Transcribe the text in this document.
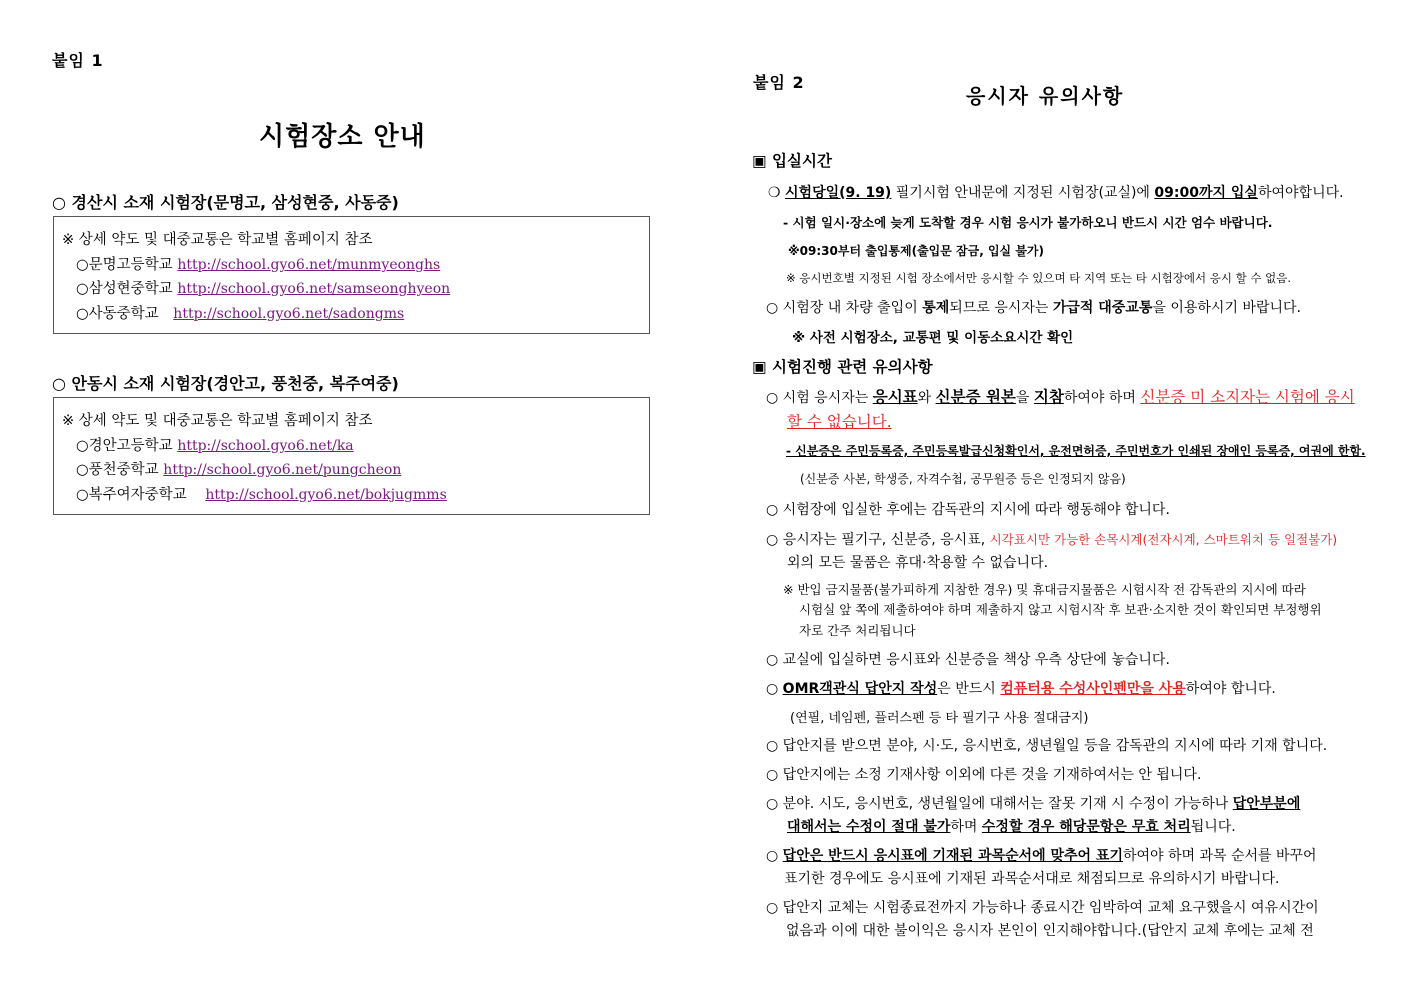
붙임 1
시험장소 안내
○ 경산시 소재 시험장(문명고, 삼성현중, 사동중)
※ 상세 약도 및 대중교통은 학교별 홈페이지 참조
○문명고등학교 http://school.gyo6.net/munmyeonghs
○삼성현중학교 http://school.gyo6.net/samseonghyeon
○사동중학교 http://school.gyo6.net/sadongms
○ 안동시 소재 시험장(경안고, 풍천중, 복주여중)
※ 상세 약도 및 대중교통은 학교별 홈페이지 참조
○경안고등학교 http://school.gyo6.net/ka
○풍천중학교 http://school.gyo6.net/pungcheon
○복주여자중학교 http://school.gyo6.net/bokjugmms
붙임 2
응시자 유의사항
▣ 입실시간
❍ 시험당일(9. 19) 필기시험 안내문에 지정된 시험장(교실)에 09:00까지 입실하여야합니다.
- 시험 일시·장소에 늦게 도착할 경우 시험 응시가 불가하오니 반드시 시간 엄수 바랍니다.
※09:30부터 출입통제(출입문 잠금, 입실 불가)
※ 응시번호별 지정된 시험 장소에서만 응시할 수 있으며 타 지역 또는 타 시험장에서 응시 할 수 없음.
○ 시험장 내 차량 출입이 통제되므로 응시자는 가급적 대중교통을 이용하시기 바랍니다.
※ 사전 시험장소, 교통편 및 이동소요시간 확인
▣ 시험진행 관련 유의사항
○ 시험 응시자는 응시표와 신분증 원본을 지참하여야 하며 신분증 미 소지자는 시험에 응시
할 수 없습니다.
- 신분증은 주민등록증, 주민등록발급신청확인서, 운전면허증, 주민번호가 인쇄된 장애인 등록증, 여권에 한함.
(신분증 사본, 학생증, 자격수첩, 공무원증 등은 인정되지 않음)
○ 시험장에 입실한 후에는 감독관의 지시에 따라 행동해야 합니다.
○ 응시자는 필기구, 신분증, 응시표, 시각표시만 가능한 손목시계(전자시계, 스마트워치 등 일절불가)
외의 모든 물품은 휴대·착용할 수 없습니다.
※ 반입 금지물품(불가피하게 지참한 경우) 및 휴대금지물품은 시험시작 전 감독관의 지시에 따라
시험실 앞 쪽에 제출하여야 하며 제출하지 않고 시험시작 후 보관·소지한 것이 확인되면 부정행위
자로 간주 처리됩니다
○ 교실에 입실하면 응시표와 신분증을 책상 우측 상단에 놓습니다.
○ OMR객관식 답안지 작성은 반드시 컴퓨터용 수성사인펜만을 사용하여야 합니다.
(연필, 네임펜, 플러스펜 등 타 필기구 사용 절대금지)
○ 답안지를 받으면 분야, 시·도, 응시번호, 생년월일 등을 감독관의 지시에 따라 기재 합니다.
○ 답안지에는 소정 기재사항 이외에 다른 것을 기재하여서는 안 됩니다.
○ 분야. 시도, 응시번호, 생년월일에 대해서는 잘못 기재 시 수정이 가능하나 답안부분에
대해서는 수정이 절대 불가하며 수정할 경우 해당문항은 무효 처리됩니다.
○ 답안은 반드시 응시표에 기재된 과목순서에 맞추어 표기하여야 하며 과목 순서를 바꾸어
표기한 경우에도 응시표에 기재된 과목순서대로 채점되므로 유의하시기 바랍니다.
○ 답안지 교체는 시험종료전까지 가능하나 종료시간 임박하여 교체 요구했을시 여유시간이
없음과 이에 대한 불이익은 응시자 본인이 인지해야합니다.(답안지 교체 후에는 교체 전
